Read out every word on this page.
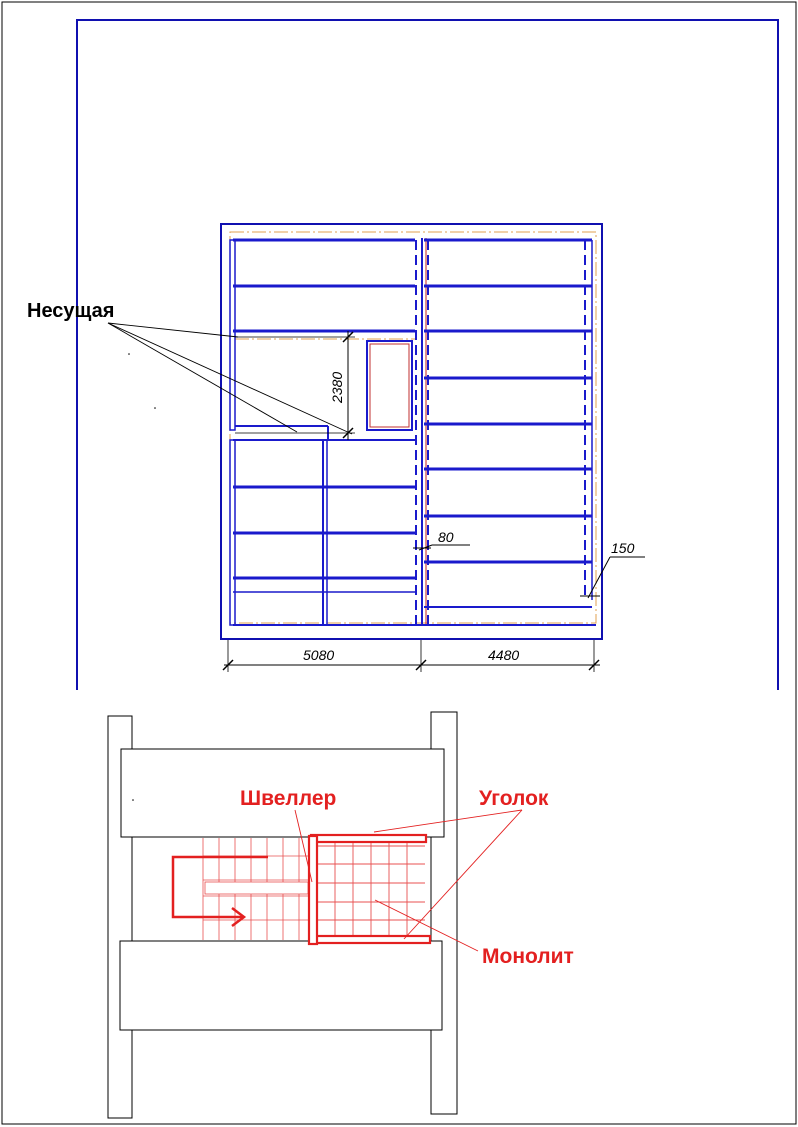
2380
80
150
5080	4480
Несущая
Швеллер	Уголок
Монолит
